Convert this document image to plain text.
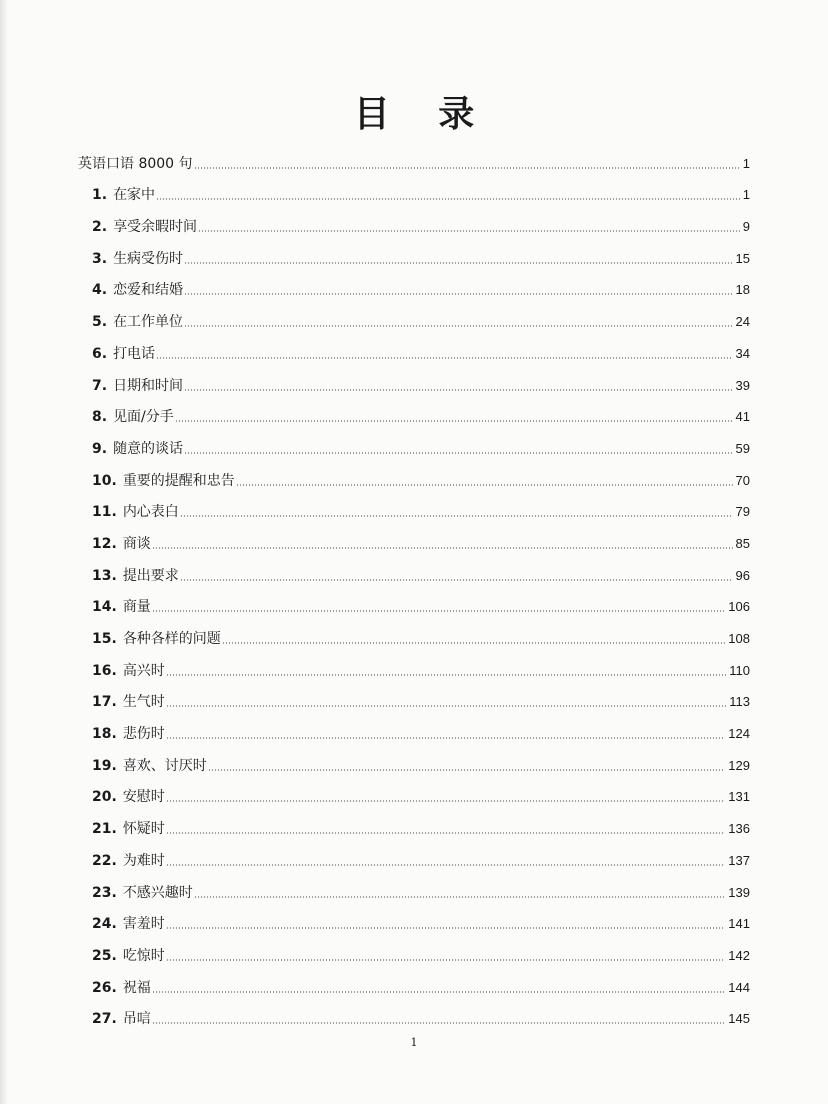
目 录
英语口语 8000 句	1
1. 在家中	1
2. 享受余暇时间	9
3. 生病受伤时	15
4. 恋爱和结婚	18
5. 在工作单位	24
6. 打电话	34
7. 日期和时间	39
8. 见面/分手	41
9. 随意的谈话	59
10. 重要的提醒和忠告	70
11. 内心表白	79
12. 商谈	85
13. 提出要求	96
14. 商量	106
15. 各种各样的问题	108
16. 高兴时	110
17. 生气时	113
18. 悲伤时	124
19. 喜欢、讨厌时	129
20. 安慰时	131
21. 怀疑时	136
22. 为难时	137
23. 不感兴趣时	139
24. 害羞时	141
25. 吃惊时	142
26. 祝福	144
27. 吊唁	145
1
